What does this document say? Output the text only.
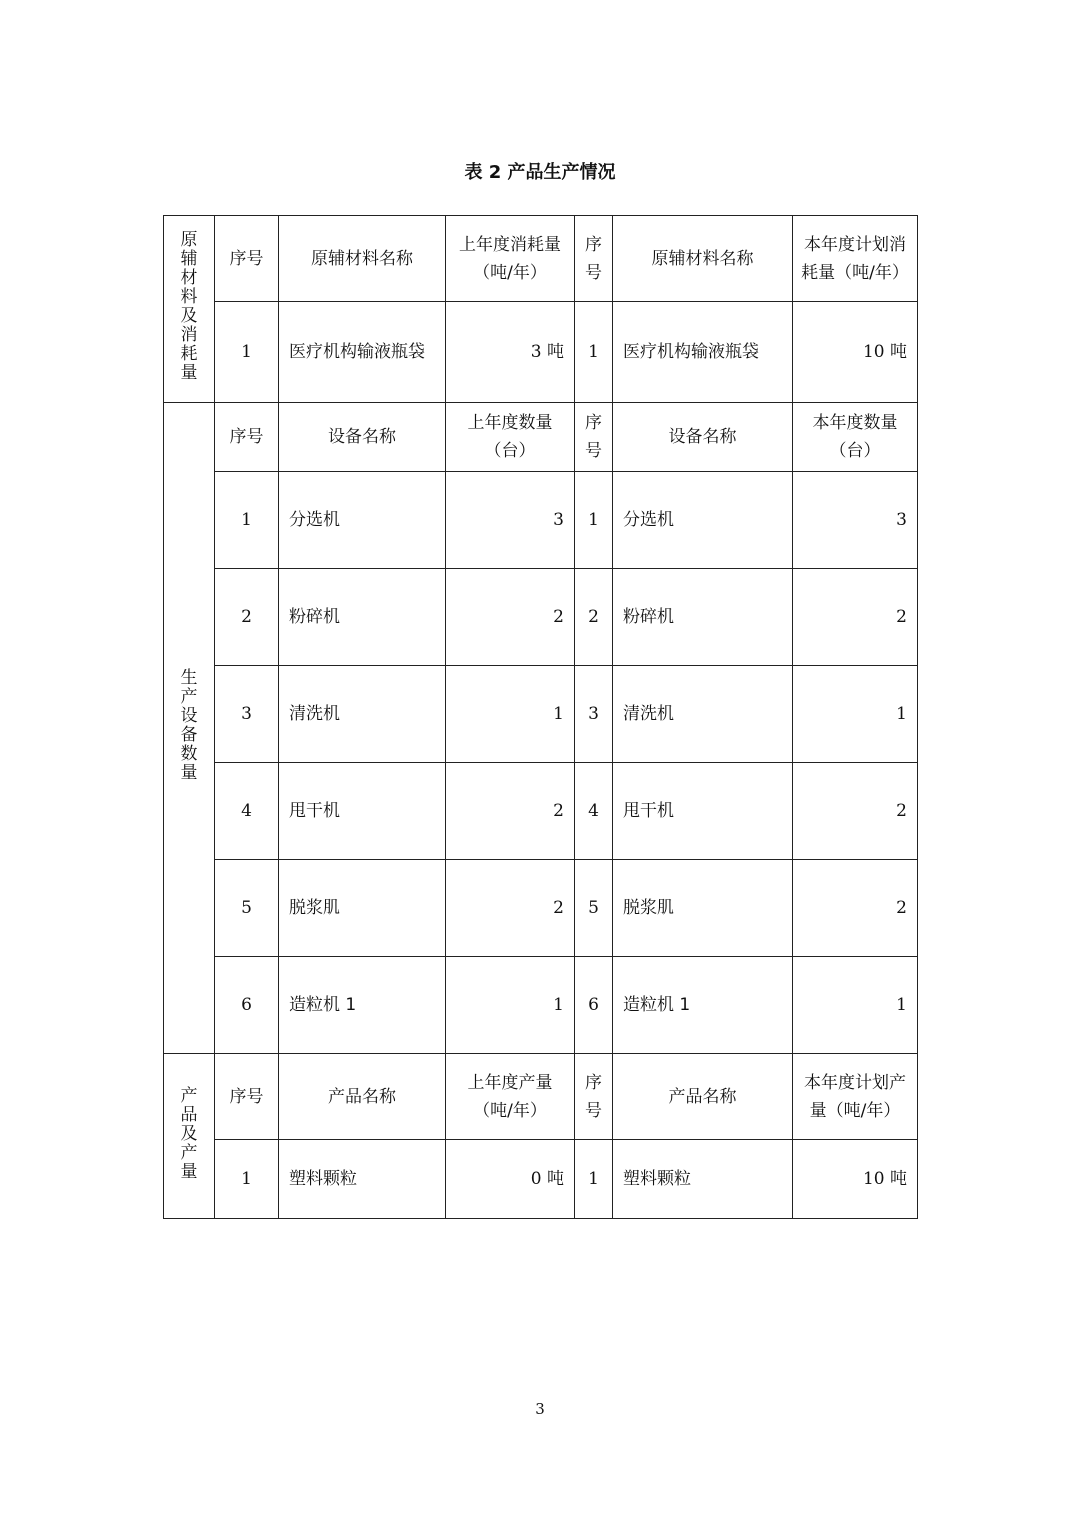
表 2 产品生产情况
原辅材料及消耗量	序号	原辅材料名称	上年度消耗量（吨/年）	序号	原辅材料名称	本年度计划消耗量（吨/年）
	1	医疗机构输液瓶袋	3 吨	1	医疗机构输液瓶袋	10 吨
生产设备数量	序号	设备名称	上年度数量（台）	序号	设备名称	本年度数量（台）
	1	分选机	3	1	分选机	3
	2	粉碎机	2	2	粉碎机	2
	3	清洗机	1	3	清洗机	1
	4	甩干机	2	4	甩干机	2
	5	脱浆肌	2	5	脱浆肌	2
	6	造粒机 1	1	6	造粒机 1	1
产品及产量	序号	产品名称	上年度产量（吨/年）	序号	产品名称	本年度计划产量（吨/年）
	1	塑料颗粒	0 吨	1	塑料颗粒	10 吨
3
